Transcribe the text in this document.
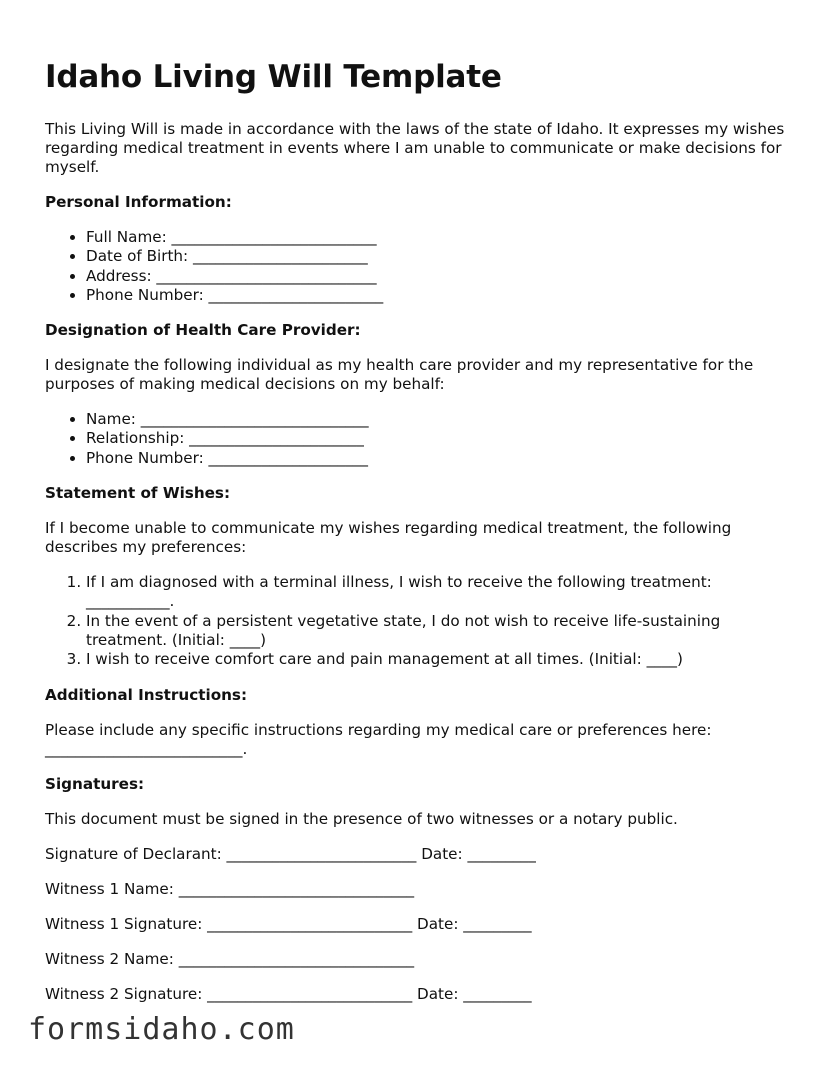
Idaho Living Will Template

This Living Will is made in accordance with the laws of the state of Idaho. It expresses my wishes regarding medical treatment in events where I am unable to communicate or make decisions for myself.

Personal Information:
• Full Name: ___________________________
• Date of Birth: _______________________
• Address: _____________________________
• Phone Number: _______________________
Designation of Health Care Provider:

I designate the following individual as my health care provider and my representative for the purposes of making medical decisions on my behalf:

• Name: ______________________________
• Relationship: _______________________
• Phone Number: _____________________
Statement of Wishes:

If I become unable to communicate my wishes regarding medical treatment, the following describes my preferences:

1. If I am diagnosed with a terminal illness, I wish to receive the following treatment: ___________.
2. In the event of a persistent vegetative state, I do not wish to receive life-sustaining treatment. (Initial: ____)
3. I wish to receive comfort care and pain management at all times. (Initial: ____)
Additional Instructions:

Please include any specific instructions regarding my medical care or preferences here: __________________________.

Signatures:

This document must be signed in the presence of two witnesses or a notary public.

Signature of Declarant: _________________________ Date: _________

Witness 1 Name: _______________________________

Witness 1 Signature: ___________________________ Date: _________

Witness 2 Name: _______________________________

Witness 2 Signature: ___________________________ Date: _________

formsidaho.com
